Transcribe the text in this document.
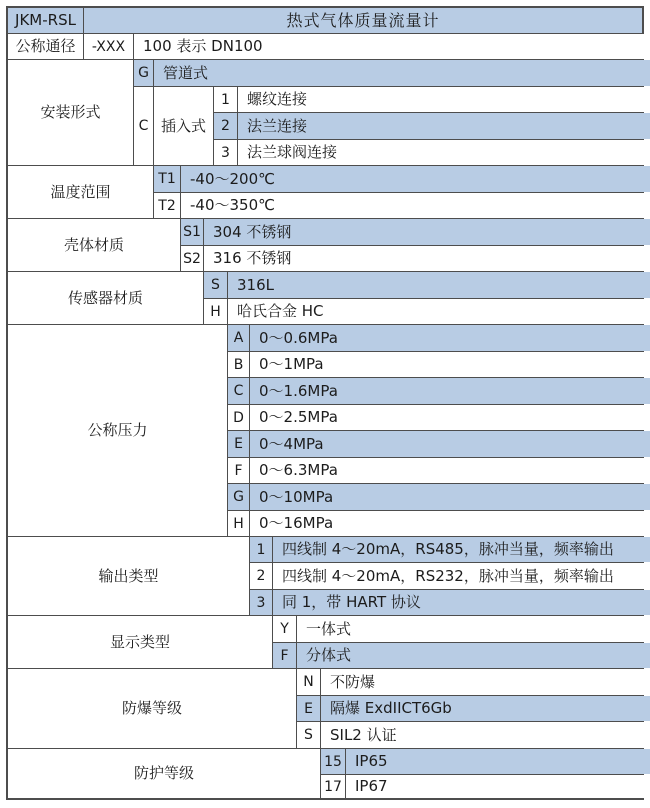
JKM-RSL	热式气体质量流量计
公称通径	-XXX	100 表示 DN100
安装形式
G 管道式
C 插入式
1	螺纹连接
2	法兰连接
3	法兰球阀连接
温度范围
T1 -40～200℃
T2 -40～350℃
壳体材质
S1 304 不锈钢
S2 316 不锈钢
传感器材质
S	316L
H	哈氏合金 HC
公称压力
A	0～0.6MPa
B	0～1MPa
C	0～1.6MPa
D	0～2.5MPa
E	0～4MPa
F	0～6.3MPa
G	0～10MPa
H	0～16MPa
输出类型
1	四线制 4～20mA，RS485，脉冲当量，频率输出
2	四线制 4～20mA，RS232，脉冲当量，频率输出
3	同 1，带 HART 协议
显示类型
Y	一体式
F	分体式
防爆等级
N	不防爆
E	隔爆 ExdIICT6Gb
S	SIL2 认证
防护等级
15 IP65
17 IP67
